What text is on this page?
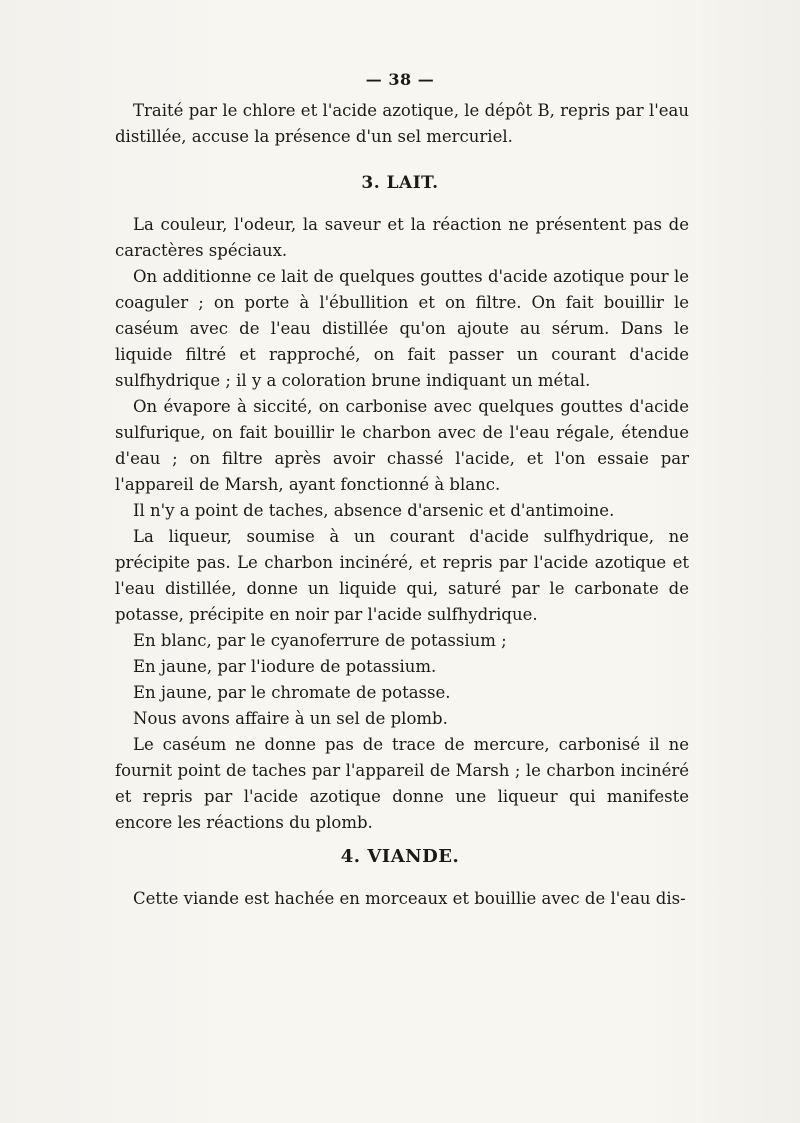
— 38 —

Traité par le chlore et l'acide azotique, le dépôt B, repris par l'eau distillée, accuse la présence d'un sel mercuriel.

3. LAIT.

La couleur, l'odeur, la saveur et la réaction ne présentent pas de caractères spéciaux.

On additionne ce lait de quelques gouttes d'acide azotique pour le coaguler ; on porte à l'ébullition et on filtre. On fait bouillir le caséum avec de l'eau distillée qu'on ajoute au sérum. Dans le liquide filtré et rapproché, on fait passer un courant d'acide sulfhydrique ; il y a coloration brune indiquant un métal.

On évapore à siccité, on carbonise avec quelques gouttes d'acide sulfurique, on fait bouillir le charbon avec de l'eau régale, étendue d'eau ; on filtre après avoir chassé l'acide, et l'on essaie par l'appareil de Marsh, ayant fonctionné à blanc.

Il n'y a point de taches, absence d'arsenic et d'antimoine.

La liqueur, soumise à un courant d'acide sulfhydrique, ne précipite pas. Le charbon incinéré, et repris par l'acide azotique et l'eau distillée, donne un liquide qui, saturé par le carbonate de potasse, précipite en noir par l'acide sulfhydrique.

En blanc, par le cyanoferrure de potassium ;

En jaune, par l'iodure de potassium.

En jaune, par le chromate de potasse.

Nous avons affaire à un sel de plomb.

Le caséum ne donne pas de trace de mercure, carbonisé il ne fournit point de taches par l'appareil de Marsh ; le charbon incinéré et repris par l'acide azotique donne une liqueur qui manifeste encore les réactions du plomb.

4. VIANDE.

Cette viande est hachée en morceaux et bouillie avec de l'eau dis-
